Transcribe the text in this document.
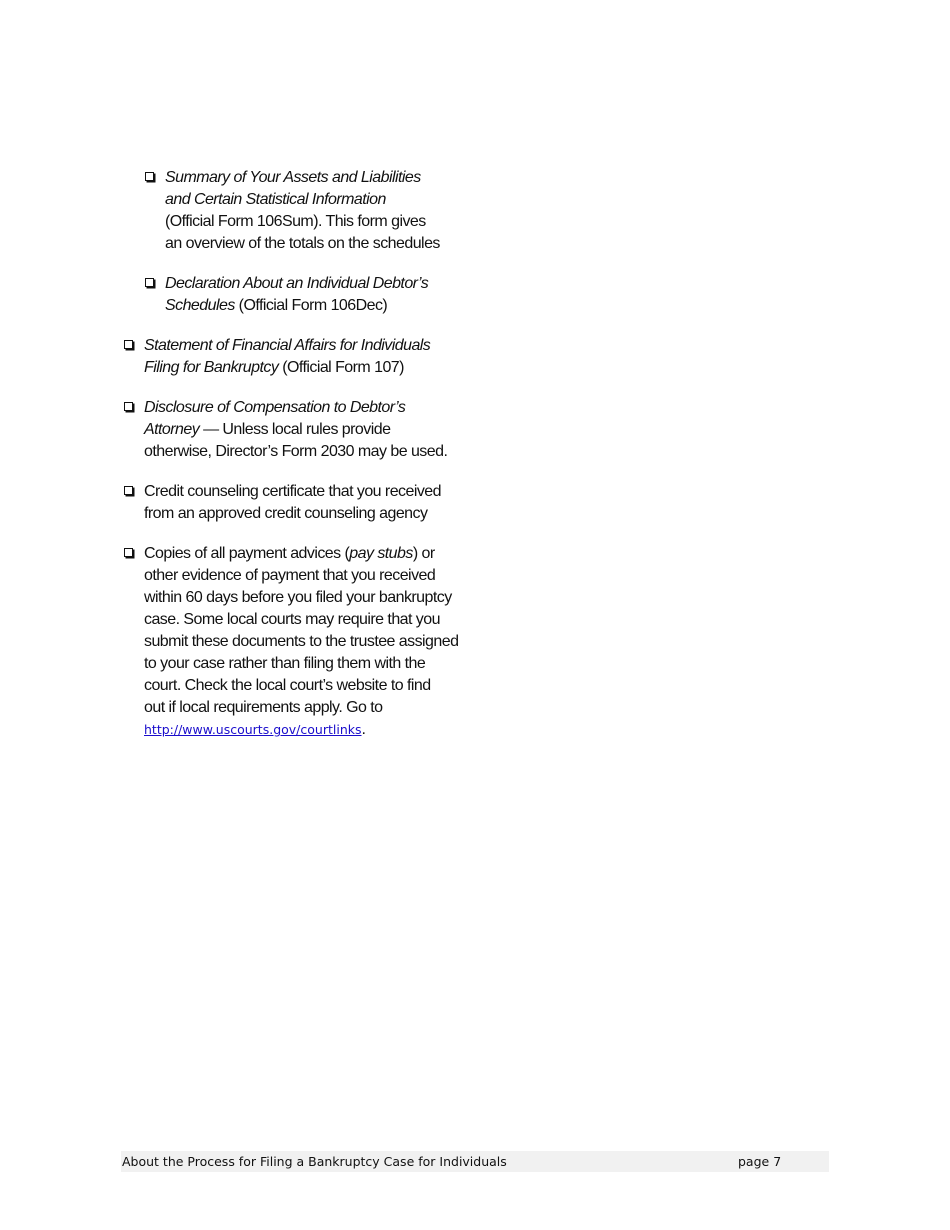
Summary of Your Assets and Liabilities
and Certain Statistical Information
(Official Form 106Sum). This form gives
an overview of the totals on the schedules
Declaration About an Individual Debtor’s
Schedules (Official Form 106Dec)
Statement of Financial Affairs for Individuals
Filing for Bankruptcy (Official Form 107)
Disclosure of Compensation to Debtor’s
Attorney — Unless local rules provide
otherwise, Director’s Form 2030 may be used.
Credit counseling certificate that you received
from an approved credit counseling agency
Copies of all payment advices (pay stubs) or
other evidence of payment that you received
within 60 days before you filed your bankruptcy
case. Some local courts may require that you
submit these documents to the trustee assigned
to your case rather than filing them with the
court. Check the local court’s website to find
out if local requirements apply. Go to
http://www.uscourts.gov/courtlinks.
About the Process for Filing a Bankruptcy Case for Individuals	page 7
